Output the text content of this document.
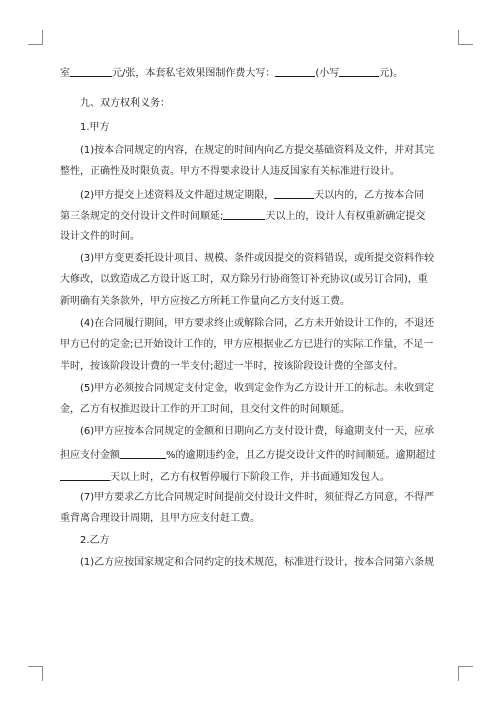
室	元/张，本套私宅效果图制作费大写：	(小写	元)。
九、双方权利义务：
1.甲方
(1)按本合同规定的内容，在规定的时间内向乙方提交基础资料及文件，并对其完
整性，正确性及时限负责。甲方不得要求设计人违反国家有关标准进行设计。
(2)甲方提交上述资料及文件超过规定期限，	天以内的，乙方按本合同
第三条规定的交付设计文件时间顺延;	天以上的，设计人有权重新确定提交
设计文件的时间。
(3)甲方变更委托设计项目、规模、条件或因提交的资料错误，或所提交资料作较
大修改，以致造成乙方设计返工时，双方除另行协商签订补充协议(或另订合同)，重
新明确有关条款外，甲方应按乙方所耗工作量向乙方支付返工费。
(4)在合同履行期间，甲方要求终止或解除合同，乙方未开始设计工作的，不退还
甲方已付的定金;已开始设计工作的，甲方应根据业乙方已进行的实际工作量，不足一
半时，按该阶段设计费的一半支付;超过一半时，按该阶段设计费的全部支付。
(5)甲方必须按合同规定支付定金，收到定金作为乙方设计开工的标志。未收到定
金，乙方有权推迟设计工作的开工时间，且交付文件的时间顺延。
(6)甲方应按本合同规定的金额和日期向乙方支付设计费，每逾期支付一天，应承
担应支付金额	%的逾期违约金，且乙方提交设计文件的时间顺延。逾期超过
天以上时，乙方有权暂停履行下阶段工作，并书面通知发包人。
(7)甲方要求乙方比合同规定时间提前交付设计文件时，须征得乙方同意，不得严
重背离合理设计周期，且甲方应支付赶工费。
2.乙方
(1)乙方应按国家规定和合同约定的技术规范，标准进行设计，按本合同第六条规
